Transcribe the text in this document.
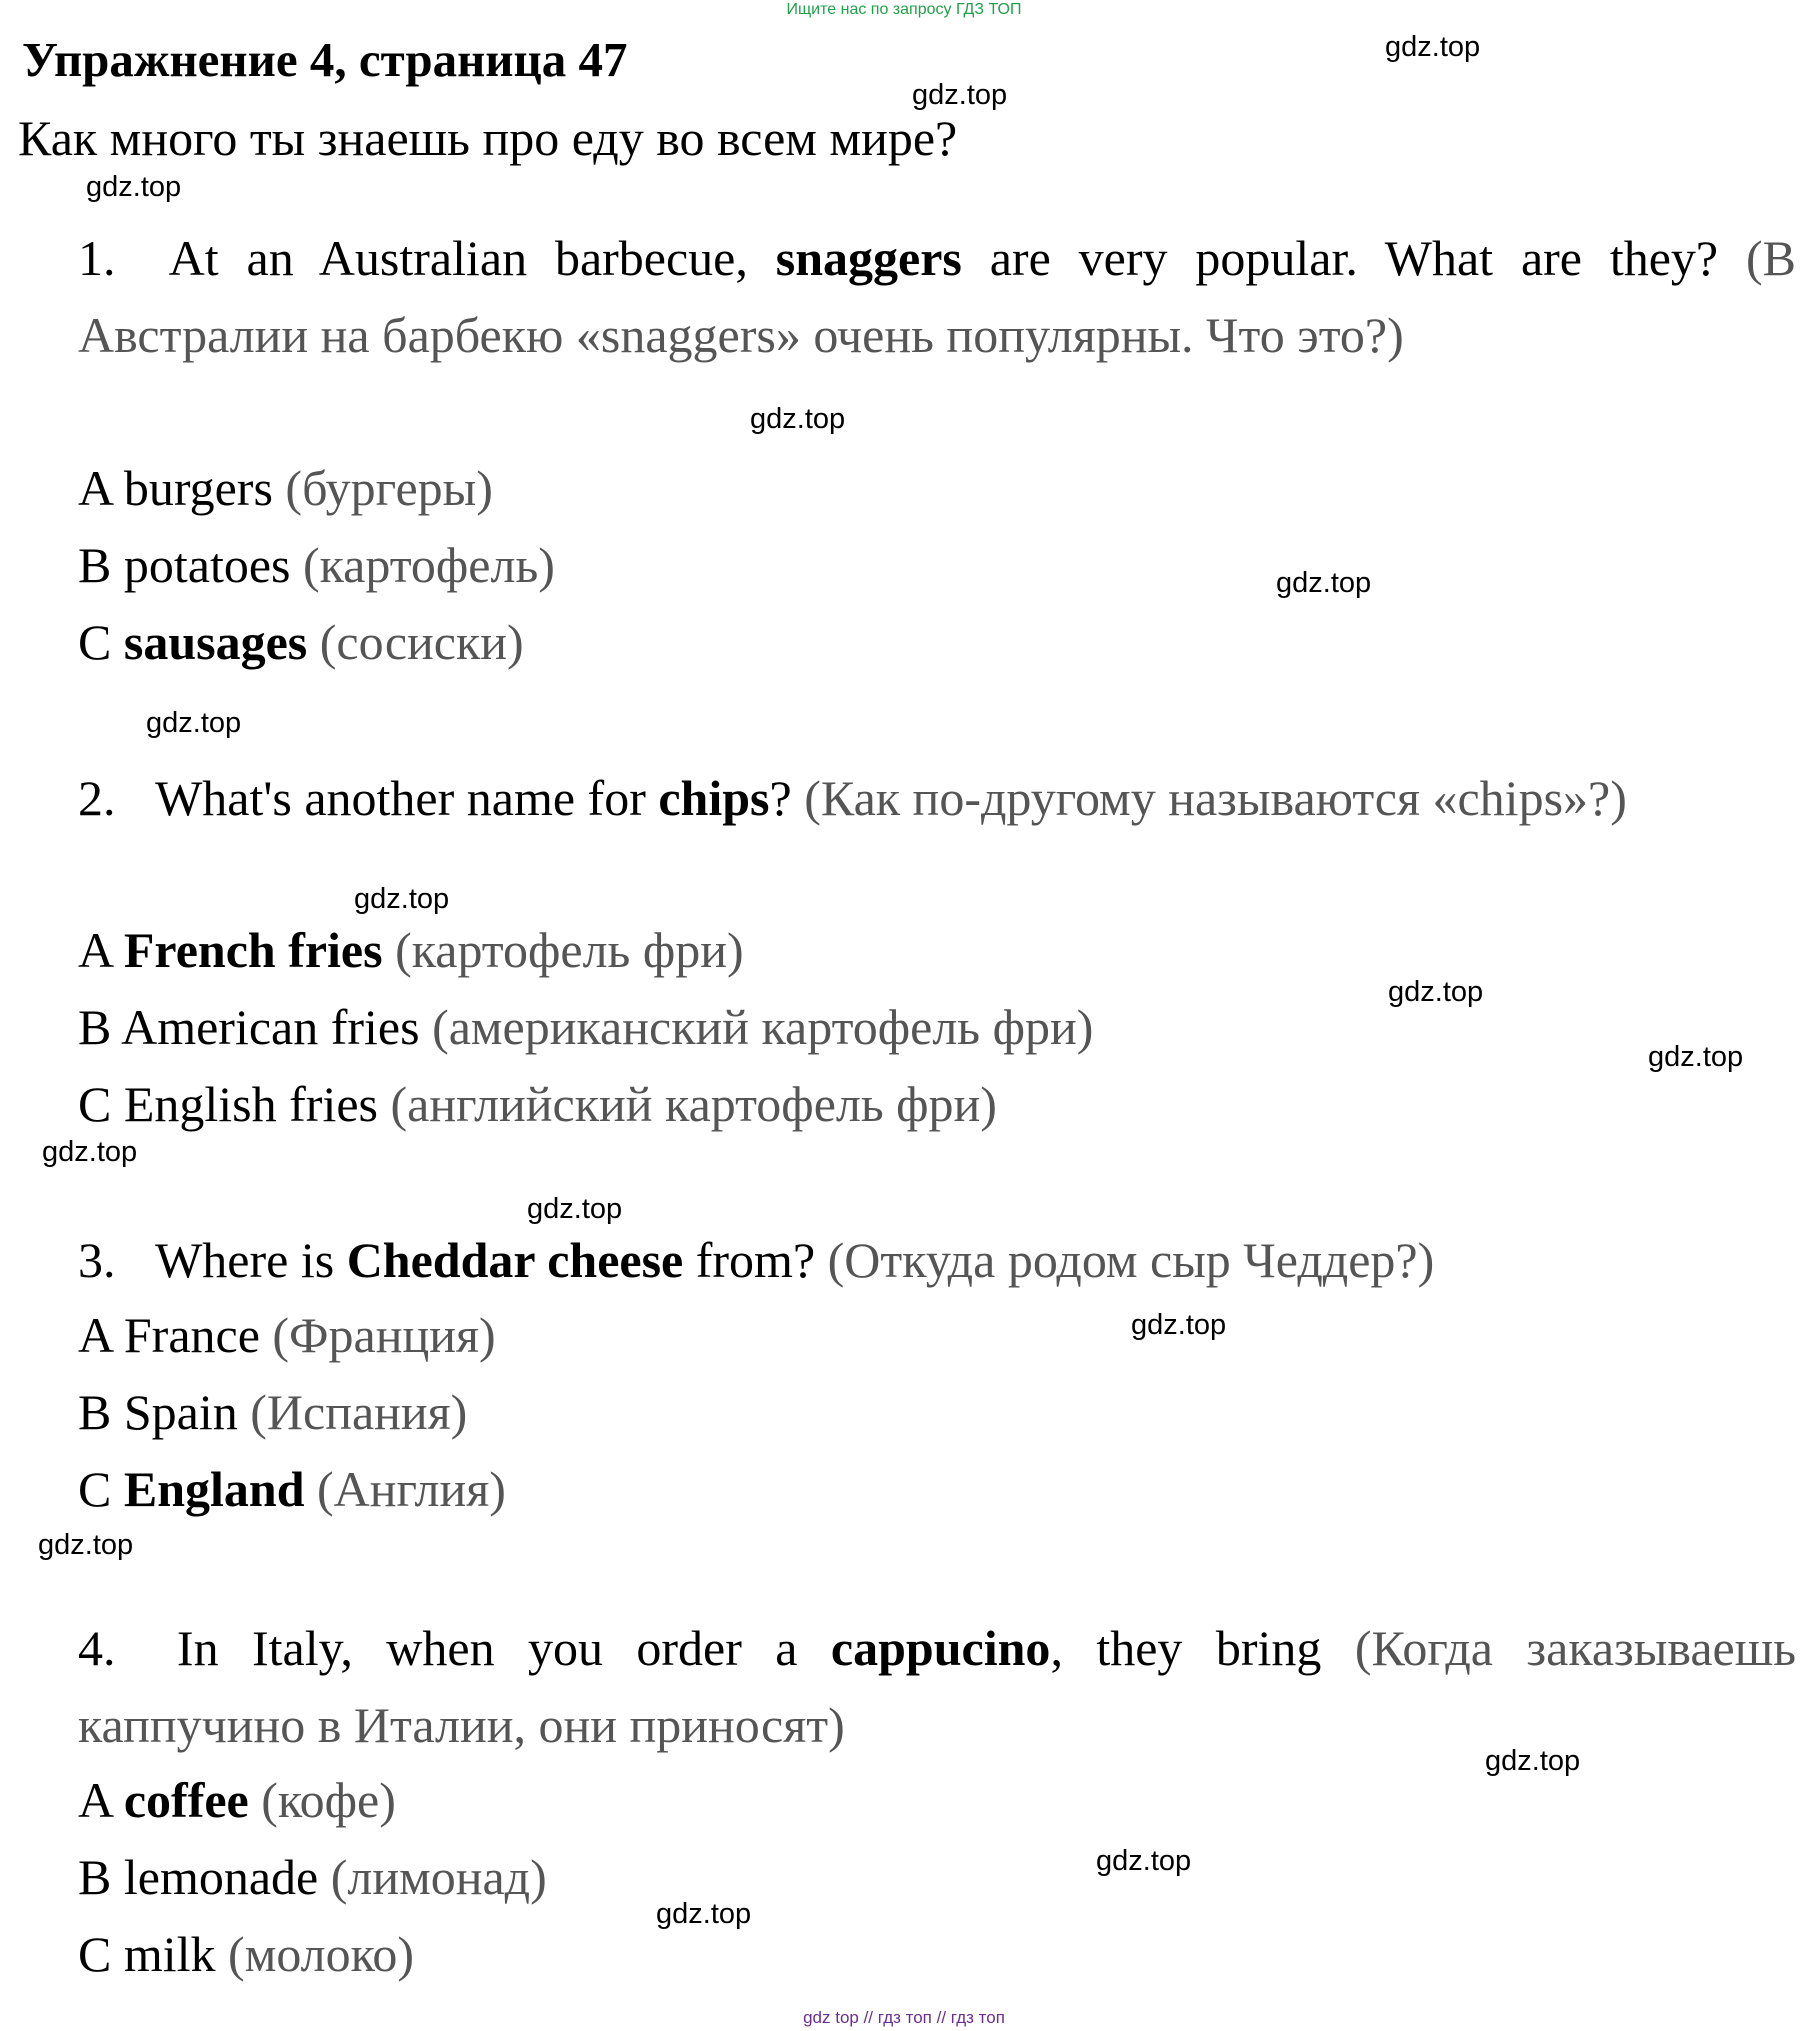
Ищите нас по запросу ГДЗ ТОП
Упражнение 4, страница 47
Как много ты знаешь про еду во всем мире?
1. At an Australian barbecue, snaggers are very popular. What are they? (В Австралии на барбекю «snaggers» очень популярны. Что это?)
A burgers (бургеры)
B potatoes (картофель)
C sausages (сосиски)
2. What's another name for chips? (Как по-другому называются «chips»?)
A French fries (картофель фри)
B American fries (американский картофель фри)
C English fries (английский картофель фри)
3. Where is Cheddar cheese from? (Откуда родом сыр Чеддер?)
A France (Франция)
B Spain (Испания)
C England (Англия)
4. In Italy, when you order a cappucino, they bring (Когда заказываешь каппучино в Италии, они приносят)
A coffee (кофе)
B lemonade (лимонад)
C milk (молоко)
gdz.top
gdz.top
gdz.top
gdz.top
gdz.top
gdz.top
gdz.top
gdz.top
gdz.top
gdz.top
gdz.top
gdz.top
gdz.top
gdz.top
gdz.top
gdz.top
gdz top // гдз топ // гдз топ
